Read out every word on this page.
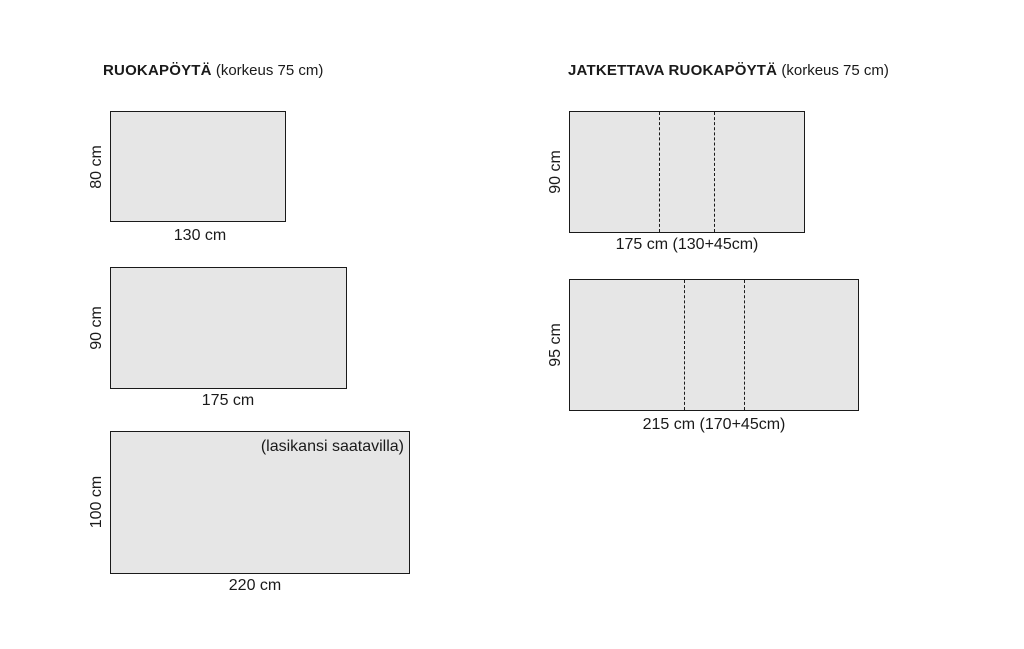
RUOKAPÖYTÄ (korkeus 75 cm)
80 cm
130 cm
90 cm
175 cm
(lasikansi saatavilla)
100 cm
220 cm
JATKETTAVA RUOKAPÖYTÄ (korkeus 75 cm)
90 cm
175 cm (130+45cm)
95 cm
215 cm (170+45cm)
